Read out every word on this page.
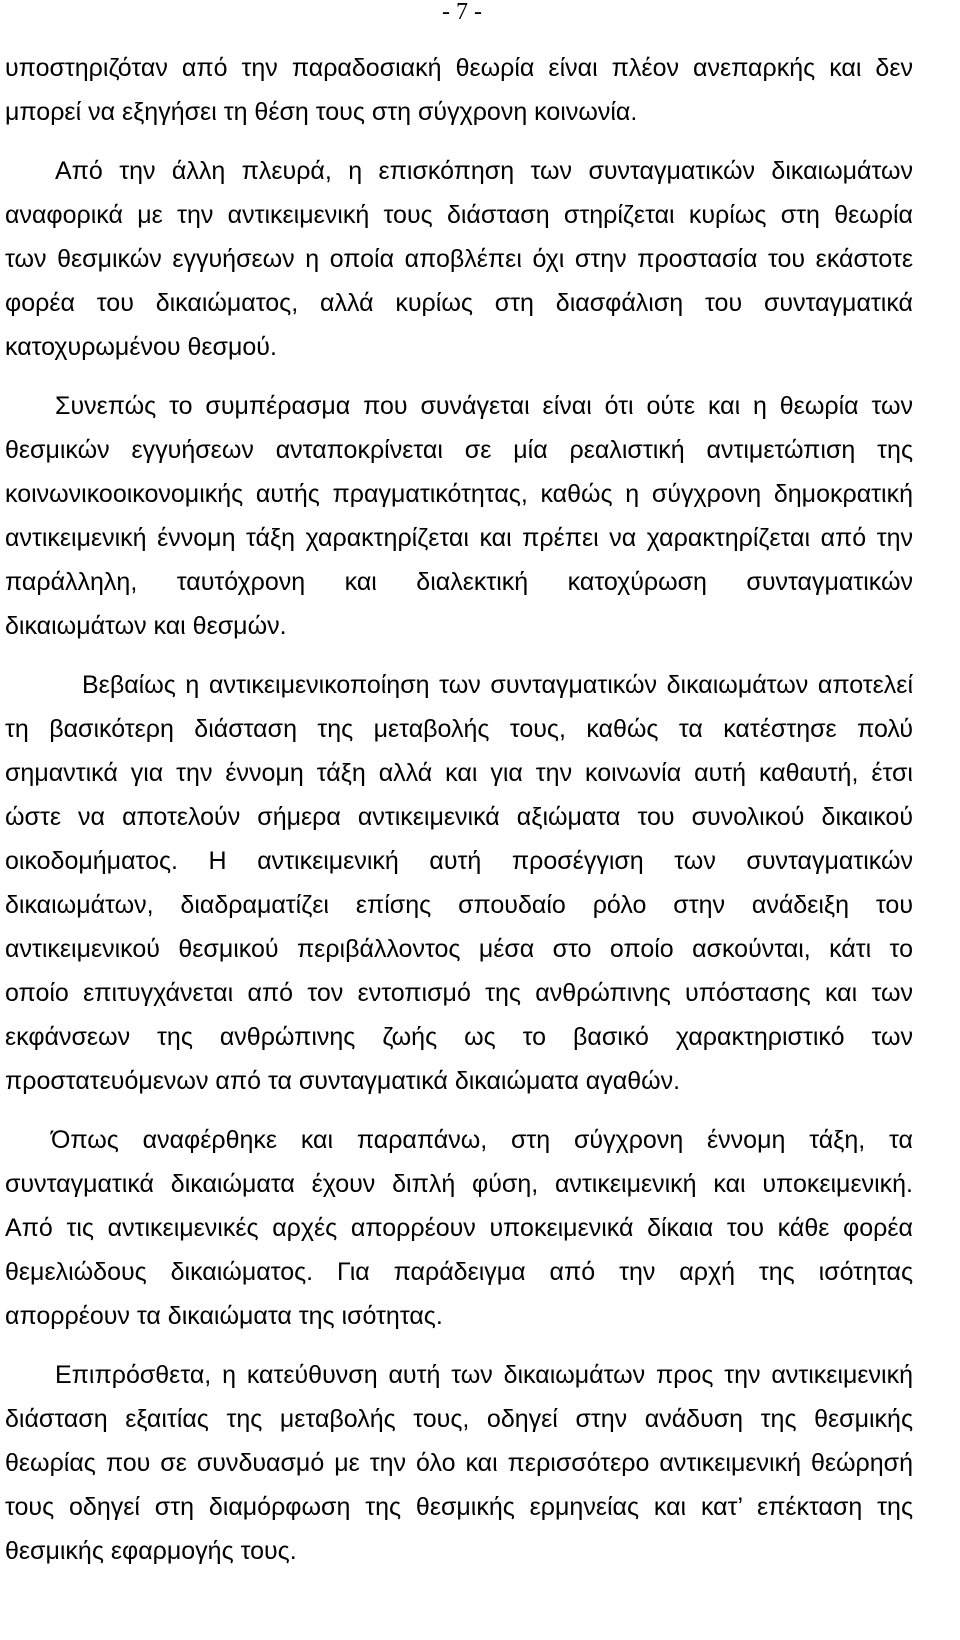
- 7 -
υποστηριζόταν από την παραδοσιακή θεωρία είναι πλέον ανεπαρκής και δεν
μπορεί να εξηγήσει τη θέση τους στη σύγχρονη κοινωνία.
Από την άλλη πλευρά, η επισκόπηση των συνταγματικών δικαιωμάτων
αναφορικά με την αντικειμενική τους διάσταση στηρίζεται κυρίως στη θεωρία
των θεσμικών εγγυήσεων η οποία αποβλέπει όχι στην προστασία του εκάστοτε
φορέα του δικαιώματος, αλλά κυρίως στη διασφάλιση του συνταγματικά
κατοχυρωμένου θεσμού.
Συνεπώς το συμπέρασμα που συνάγεται είναι ότι ούτε και η θεωρία των
θεσμικών εγγυήσεων ανταποκρίνεται σε μία ρεαλιστική αντιμετώπιση της
κοινωνικοοικονομικής αυτής πραγματικότητας, καθώς η σύγχρονη δημοκρατική
αντικειμενική έννομη τάξη χαρακτηρίζεται και πρέπει να χαρακτηρίζεται από την
παράλληλη, ταυτόχρονη και διαλεκτική κατοχύρωση συνταγματικών
δικαιωμάτων και θεσμών.
Βεβαίως η αντικειμενικοποίηση των συνταγματικών δικαιωμάτων αποτελεί
τη βασικότερη διάσταση της μεταβολής τους, καθώς τα κατέστησε πολύ
σημαντικά για την έννομη τάξη αλλά και για την κοινωνία αυτή καθαυτή, έτσι
ώστε να αποτελούν σήμερα αντικειμενικά αξιώματα του συνολικού δικαικού
οικοδομήματος. Η αντικειμενική αυτή προσέγγιση των συνταγματικών
δικαιωμάτων, διαδραματίζει επίσης σπουδαίο ρόλο στην ανάδειξη του
αντικειμενικού θεσμικού περιβάλλοντος μέσα στο οποίο ασκούνται, κάτι το
οποίο επιτυγχάνεται από τον εντοπισμό της ανθρώπινης υπόστασης και των
εκφάνσεων της ανθρώπινης ζωής ως το βασικό χαρακτηριστικό των
προστατευόμενων από τα συνταγματικά δικαιώματα αγαθών.
Όπως αναφέρθηκε και παραπάνω, στη σύγχρονη έννομη τάξη, τα
συνταγματικά δικαιώματα έχουν διπλή φύση, αντικειμενική και υποκειμενική.
Από τις αντικειμενικές αρχές απορρέουν υποκειμενικά δίκαια του κάθε φορέα
θεμελιώδους δικαιώματος. Για παράδειγμα από την αρχή της ισότητας
απορρέουν τα δικαιώματα της ισότητας.
Επιπρόσθετα, η κατεύθυνση αυτή των δικαιωμάτων προς την αντικειμενική
διάσταση εξαιτίας της μεταβολής τους, οδηγεί στην ανάδυση της θεσμικής
θεωρίας που σε συνδυασμό με την όλο και περισσότερο αντικειμενική θεώρησή
τους οδηγεί στη διαμόρφωση της θεσμικής ερμηνείας και κατ’ επέκταση της
θεσμικής εφαρμογής τους.
